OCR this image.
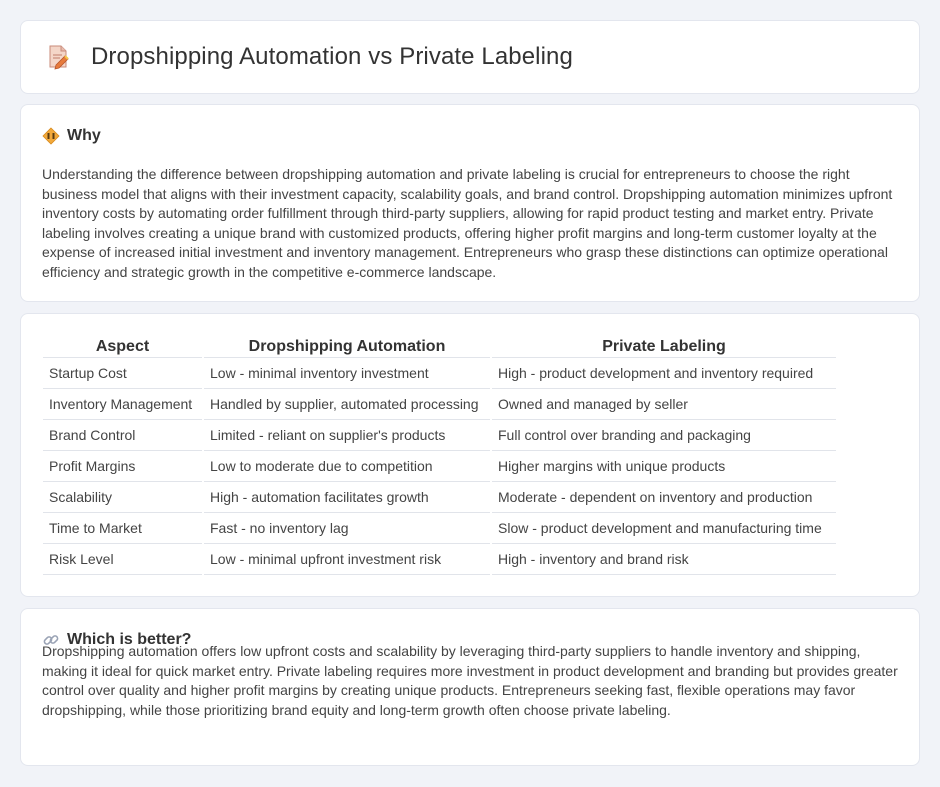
Dropshipping Automation vs Private Labeling
Why

Understanding the difference between dropshipping automation and private labeling is crucial for entrepreneurs to choose the right business model that aligns with their investment capacity, scalability goals, and brand control. Dropshipping automation minimizes upfront inventory costs by automating order fulfillment through third-party suppliers, allowing for rapid product testing and market entry. Private labeling involves creating a unique brand with customized products, offering higher profit margins and long-term customer loyalty at the expense of increased initial investment and inventory management. Entrepreneurs who grasp these distinctions can optimize operational efficiency and strategic growth in the competitive e-commerce landscape.

Aspect	Dropshipping Automation	Private Labeling
Startup Cost	Low - minimal inventory investment	High - product development and inventory required
Inventory Management	Handled by supplier, automated processing	Owned and managed by seller
Brand Control	Limited - reliant on supplier's products	Full control over branding and packaging
Profit Margins	Low to moderate due to competition	Higher margins with unique products
Scalability	High - automation facilitates growth	Moderate - dependent on inventory and production
Time to Market	Fast - no inventory lag	Slow - product development and manufacturing time
Risk Level	Low - minimal upfront investment risk	High - inventory and brand risk
Which is better?

Dropshipping automation offers low upfront costs and scalability by leveraging third-party suppliers to handle inventory and shipping, making it ideal for quick market entry. Private labeling requires more investment in product development and branding but provides greater control over quality and higher profit margins by creating unique products. Entrepreneurs seeking fast, flexible operations may favor dropshipping, while those prioritizing brand equity and long-term growth often choose private labeling.
